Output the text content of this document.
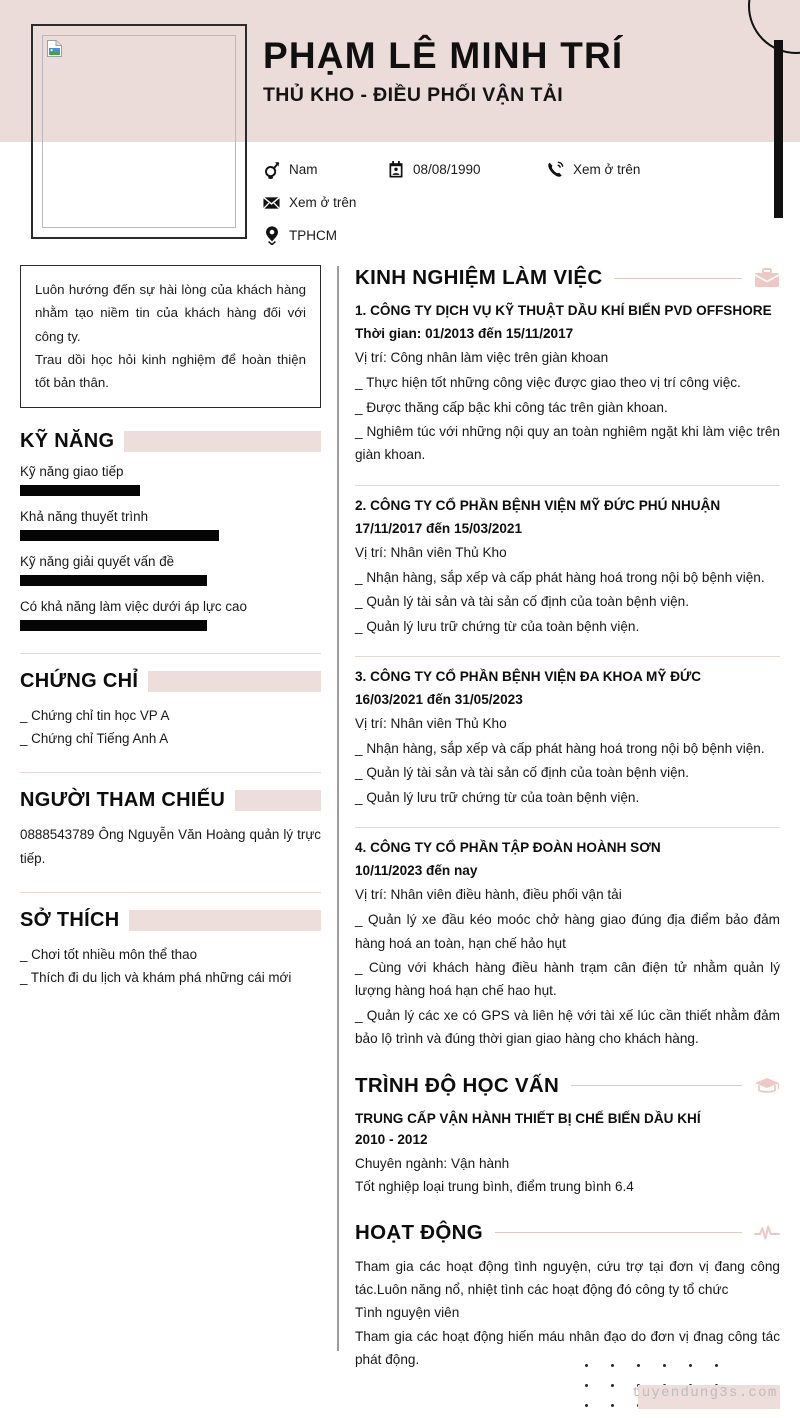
PHẠM LÊ MINH TRÍ
THỦ KHO - ĐIỀU PHỐI VẬN TẢI
Nam	08/08/1990	Xem ở trên
Xem ở trên
TPHCM
Luôn hướng đến sự hài lòng của khách hàng nhằm tạo niềm tin của khách hàng đối với công ty.
Trau dồi học hỏi kinh nghiệm để hoàn thiện tốt bản thân.
KỸ NĂNG
Kỹ năng giao tiếp
Khả năng thuyết trình
Kỹ năng giải quyết vấn đề
Có khả năng làm việc dưới áp lực cao
CHỨNG CHỈ
_ Chứng chỉ tin học VP A
_ Chứng chỉ Tiếng Anh A
NGƯỜI THAM CHIẾU
0888543789 Ông Nguyễn Văn Hoàng quản lý trực tiếp.
SỞ THÍCH
_ Chơi tốt nhiều môn thể thao
_ Thích đi du lịch và khám phá những cái mới
KINH NGHIỆM LÀM VIỆC
1. CÔNG TY DỊCH VỤ KỸ THUẬT DẦU KHÍ BIỂN PVD OFFSHORE
Thời gian: 01/2013 đến 15/11/2017
Vị trí: Công nhân làm việc trên giàn khoan
_ Thực hiện tốt những công việc được giao theo vị trí công việc.
_ Được thăng cấp bậc khi công tác trên giàn khoan.
_ Nghiêm túc với những nội quy an toàn nghiêm ngặt khi làm việc trên giàn khoan.
2. CÔNG TY CỔ PHẦN BỆNH VIỆN MỸ ĐỨC PHÚ NHUẬN
17/11/2017 đến 15/03/2021
Vị trí: Nhân viên Thủ Kho
_ Nhận hàng, sắp xếp và cấp phát hàng hoá trong nội bộ bệnh viện.
_ Quản lý tài sản và tài sản cố định của toàn bệnh viện.
_ Quản lý lưu trữ chứng từ của toàn bệnh viện.
3. CÔNG TY CỔ PHẦN BỆNH VIỆN ĐA KHOA MỸ ĐỨC
16/03/2021 đến 31/05/2023
Vị trí: Nhân viên Thủ Kho
_ Nhận hàng, sắp xếp và cấp phát hàng hoá trong nội bộ bệnh viện.
_ Quản lý tài sản và tài sản cố định của toàn bệnh viện.
_ Quản lý lưu trữ chứng từ của toàn bệnh viện.
4. CÔNG TY CỔ PHẦN TẬP ĐOÀN HOÀNH SƠN
10/11/2023 đến nay
Vị trí: Nhân viên điều hành, điều phối vận tải
_ Quản lý xe đầu kéo moóc chở hàng giao đúng địa điểm bảo đảm hàng hoá an toàn, hạn chế hảo hụt
_ Cùng với khách hàng điều hành trạm cân điện tử nhằm quản lý lượng hàng hoá hạn chế hao hụt.
_ Quản lý các xe có GPS và liên hệ với tài xế lúc cần thiết nhằm đảm bảo lộ trình và đúng thời gian giao hàng cho khách hàng.
TRÌNH ĐỘ HỌC VẤN
TRUNG CẤP VẬN HÀNH THIẾT BỊ CHẾ BIẾN DẦU KHÍ
2010 - 2012
Chuyên ngành: Vận hành
Tốt nghiệp loại trung bình, điểm trung bình 6.4
HOẠT ĐỘNG
Tham gia các hoạt động tình nguyện, cứu trợ tại đơn vị đang công tác.Luôn năng nổ, nhiệt tình các hoạt động đó công ty tổ chức
Tình nguyện viên
Tham gia các hoạt động hiến máu nhân đạo do đơn vị đnag công tác phát động.
tuyendung3s.com
